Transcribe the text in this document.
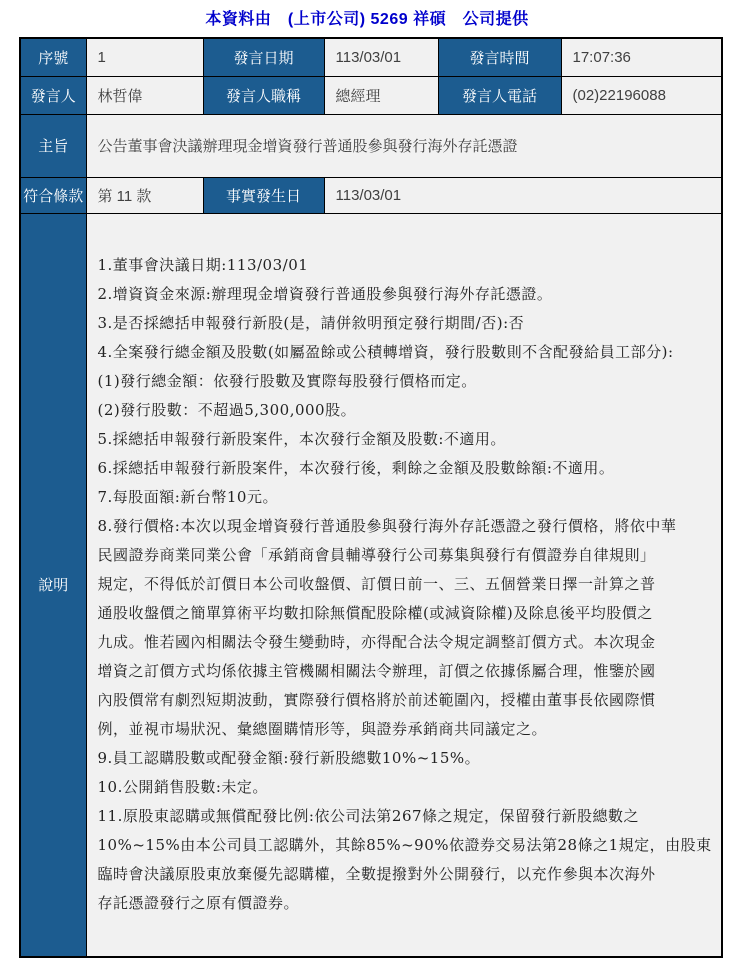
本資料由　(上市公司) 5269 祥碩　公司提供
序號	1	發言日期	113/03/01	發言時間	17:07:36
發言人	林哲偉	發言人職稱	總經理	發言人電話	(02)22196088
主旨	公告董事會決議辦理現金增資發行普通股參與發行海外存託憑證				
符合條款	第 11 款	事實發生日	113/03/01		
說明	
1.董事會決議日期:113/03/01
2.增資資金來源:辦理現金增資發行普通股參與發行海外存託憑證。
3.是否採總括申報發行新股(是，請併敘明預定發行期間/否):否
4.全案發行總金額及股數(如屬盈餘或公積轉增資，發行股數則不含配發給員工部分):
(1)發行總金額：依發行股數及實際每股發行價格而定。
(2)發行股數：不超過5,300,000股。
5.採總括申報發行新股案件，本次發行金額及股數:不適用。
6.採總括申報發行新股案件，本次發行後，剩餘之金額及股數餘額:不適用。
7.每股面額:新台幣10元。
8.發行價格:本次以現金增資發行普通股參與發行海外存託憑證之發行價格，將依中華
民國證券商業同業公會「承銷商會員輔導發行公司募集與發行有價證券自律規則」
規定，不得低於訂價日本公司收盤價、訂價日前一、三、五個營業日擇一計算之普
通股收盤價之簡單算術平均數扣除無償配股除權(或減資除權)及除息後平均股價之
九成。惟若國內相關法令發生變動時，亦得配合法令規定調整訂價方式。本次現金
增資之訂價方式均係依據主管機關相關法令辦理，訂價之依據係屬合理，惟鑒於國
內股價常有劇烈短期波動，實際發行價格將於前述範圍內，授權由董事長依國際慣
例，並視市場狀況、彙總圈購情形等，與證券承銷商共同議定之。
9.員工認購股數或配發金額:發行新股總數10%~15%。
10.公開銷售股數:未定。
11.原股東認購或無償配發比例:依公司法第267條之規定，保留發行新股總數之
10%~15%由本公司員工認購外，其餘85%~90%依證券交易法第28條之1規定，由股東
臨時會決議原股東放棄優先認購權，全數提撥對外公開發行，以充作參與本次海外
存託憑證發行之原有價證券。
